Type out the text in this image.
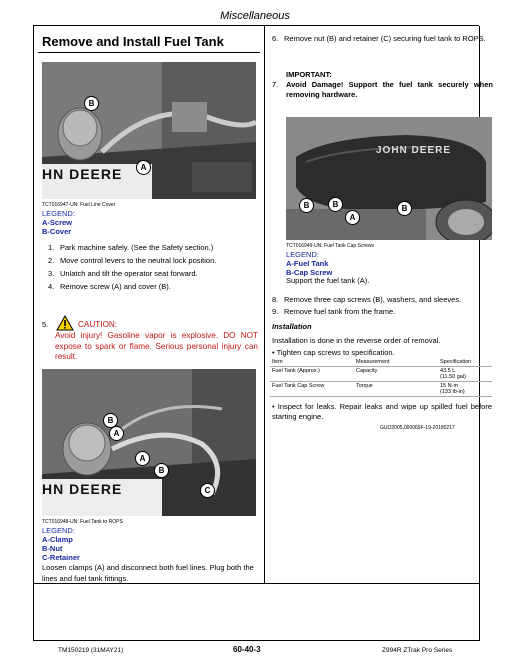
Miscellaneous
Remove and Install Fuel Tank
HN DEERE
B
A
TCT016947-UN: Fuel Line Cover
LEGEND:
A-Screw
B-Cover
1. Park machine safely. (See the Safety section.)
2. Move control levers to the neutral lock position.
3. Unlatch and tilt the operator seat forward.
4. Remove screw (A) and cover (B).
5.	CAUTION:
Avoid injury! Gasoline vapor is explosive. DO NOT expose to spark or flame. Serious personal injury can result.
HN DEERE
B
A
A
B
C
TCT016948-UN: Fuel Tank to ROPS
LEGEND:
A-Clamp
B-Nut
C-Retainer
Loosen clamps (A) and disconnect both fuel lines. Plug both the lines and fuel tank fittings.
6. Remove nut (B) and retainer (C) securing fuel tank to ROPS.
IMPORTANT:
7. Avoid Damage! Support the fuel tank securely when removing hardware.
JOHN DEERE
B	B
A
B
TCT016949-UN: Fuel Tank Cap Screws
LEGEND:
A-Fuel Tank
B-Cap Screw
Support the fuel tank (A).
8. Remove three cap screws (B), washers, and sleeves.
9. Remove fuel tank from the frame.
Installation
Installation is done in the reverse order of removal.
• Tighten cap screws to specification.
Item	Measurement	Specification
Fuel Tank (Approx.)	Capacity	43.5 L
(11.50 gal)

Fuel Tank Cap Screw	Torque	15 N·m
(133 lb-in)
• Inspect for leaks. Repair leaks and wipe up spilled fuel before starting engine.
GUO2005,000069F-19-20180217
TM150219 (31MAY21)	60-40-3	Z994R ZTrak Pro Series
